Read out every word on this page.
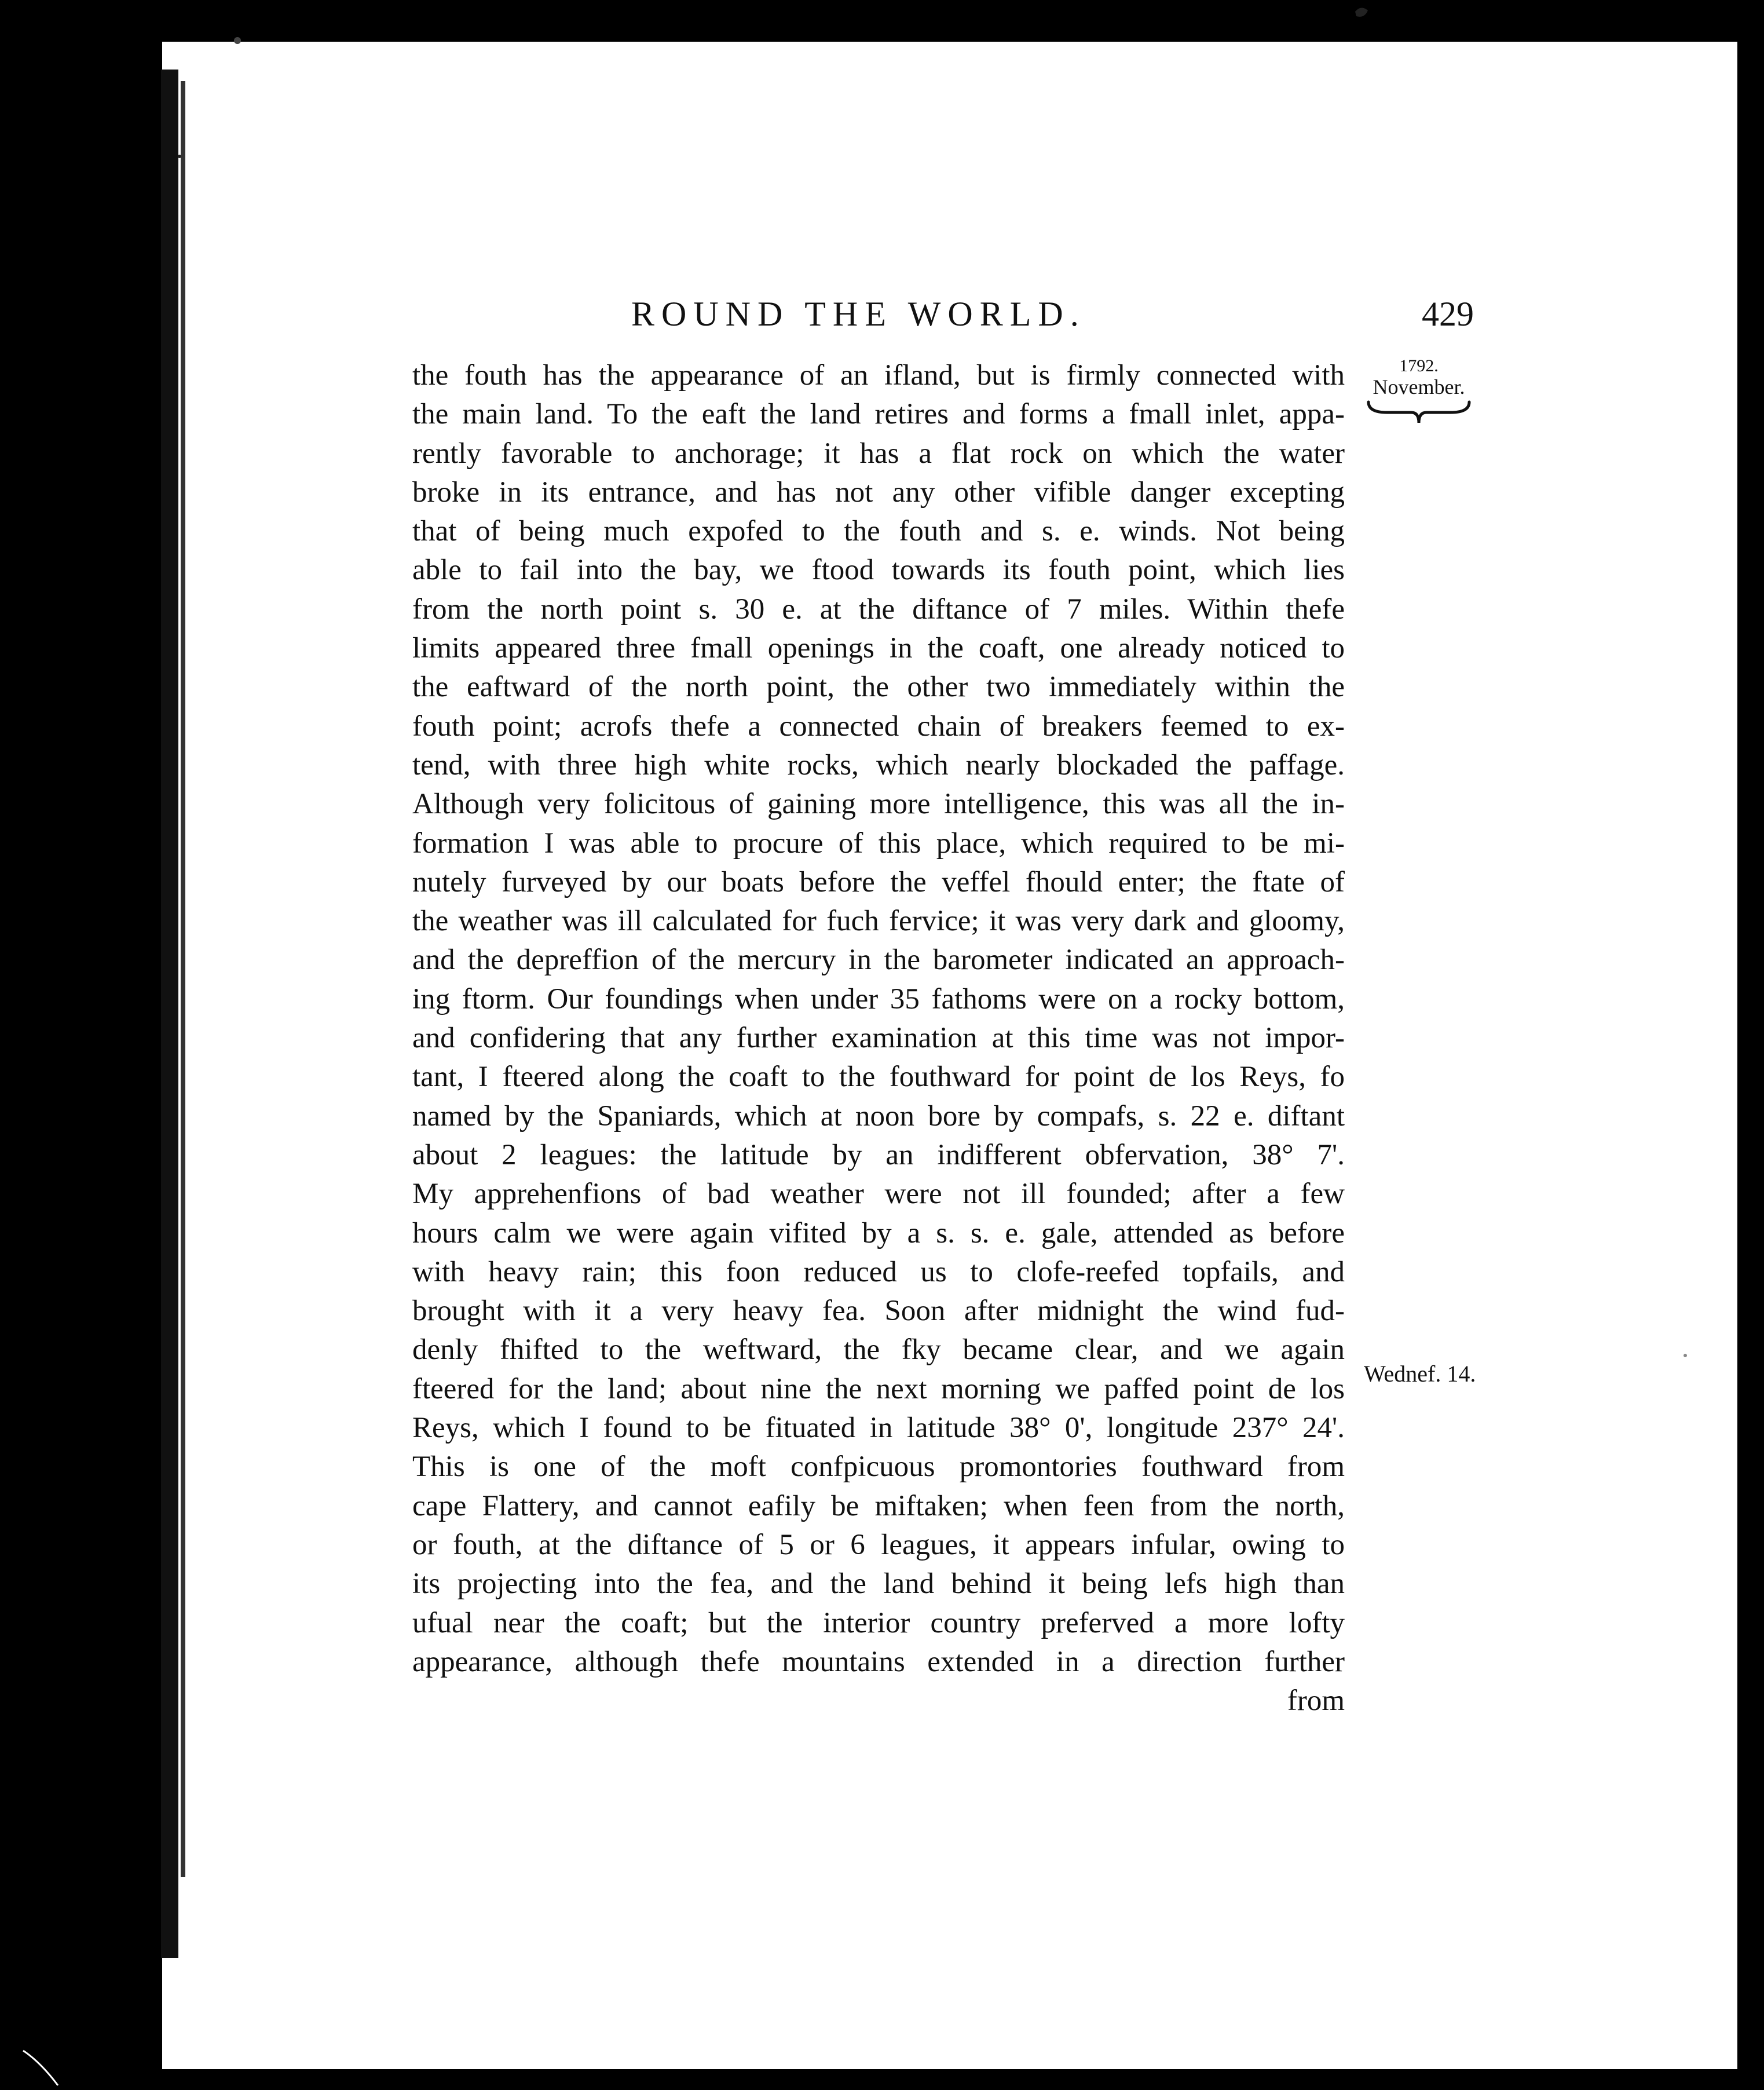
ROUND THE WORLD.	429
1792.
November.
Wednef. 14.
the fouth has the appearance of an ifland, but is firmly connected with
the main land. To the eaft the land retires and forms a fmall inlet, appa-
rently favorable to anchorage; it has a flat rock on which the water
broke in its entrance, and has not any other vifible danger excepting
that of being much expofed to the fouth and s. e. winds. Not being
able to fail into the bay, we ftood towards its fouth point, which lies
from the north point s. 30 e. at the diftance of 7 miles. Within thefe
limits appeared three fmall openings in the coaft, one already noticed to
the eaftward of the north point, the other two immediately within the
fouth point; acrofs thefe a connected chain of breakers feemed to ex-
tend, with three high white rocks, which nearly blockaded the paffage.
Although very folicitous of gaining more intelligence, this was all the in-
formation I was able to procure of this place, which required to be mi-
nutely furveyed by our boats before the veffel fhould enter; the ftate of
the weather was ill calculated for fuch fervice; it was very dark and gloomy,
and the depreffion of the mercury in the barometer indicated an approach-
ing ftorm. Our foundings when under 35 fathoms were on a rocky bottom,
and confidering that any further examination at this time was not impor-
tant, I fteered along the coaft to the fouthward for point de los Reys, fo
named by the Spaniards, which at noon bore by compafs, s. 22 e. diftant
about 2 leagues: the latitude by an indifferent obfervation, 38° 7'.
My apprehenfions of bad weather were not ill founded; after a few
hours calm we were again vifited by a s. s. e. gale, attended as before
with heavy rain; this foon reduced us to clofe-reefed topfails, and
brought with it a very heavy fea. Soon after midnight the wind fud-
denly fhifted to the weftward, the fky became clear, and we again
fteered for the land; about nine the next morning we paffed point de los
Reys, which I found to be fituated in latitude 38° 0', longitude 237° 24'.
This is one of the moft confpicuous promontories fouthward from
cape Flattery, and cannot eafily be miftaken; when feen from the north,
or fouth, at the diftance of 5 or 6 leagues, it appears infular, owing to
its projecting into the fea, and the land behind it being lefs high than
ufual near the coaft; but the interior country preferved a more lofty
appearance, although thefe mountains extended in a direction further
from
